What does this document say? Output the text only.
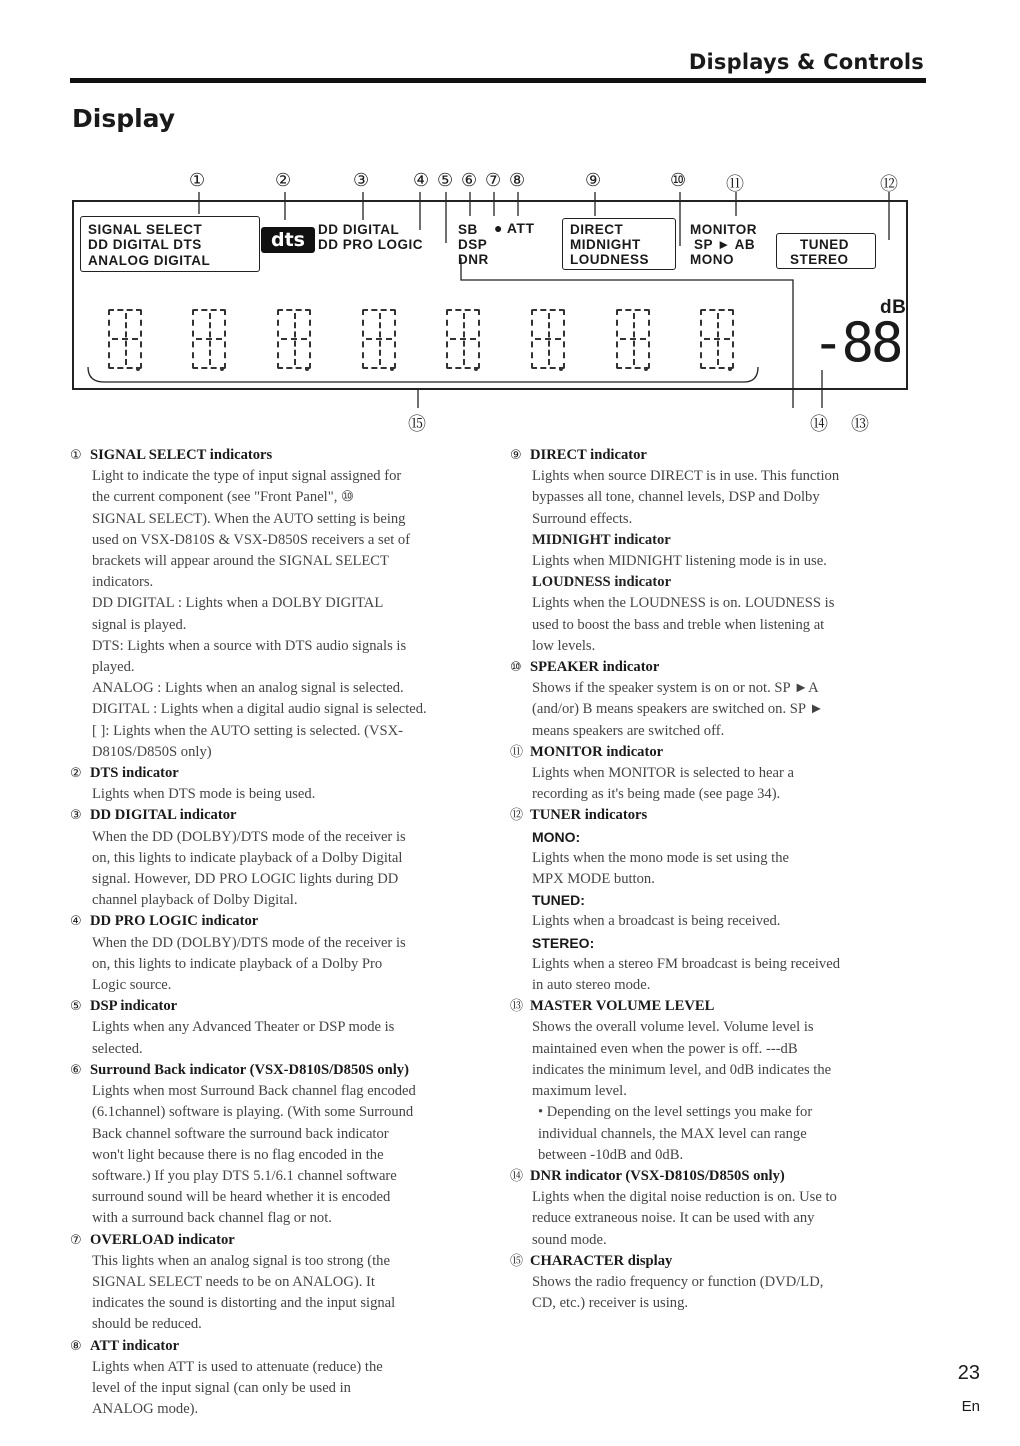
Displays & Controls
Display
①	②	③ ④ ⑤ ⑥ ⑦ ⑧	⑨	⑩ ⑪	⑫
⑬
⑭
⑮
SIGNAL SELECT
DD DIGITAL DTS
ANALOG DIGITAL
dts DD DIGITAL
DD PRO LOGIC
SB ● ATT
DSP
DNR
DIRECT
MIDNIGHT
LOUDNESS
MONITOR
SP ► AB	TUNED
MONO	STEREO
dB
-88

① SIGNAL SELECT indicators

Light to indicate the type of input signal assigned for

the current component (see "Front Panel", ⑩

SIGNAL SELECT). When the AUTO setting is being

used on VSX-D810S & VSX-D850S receivers a set of

brackets will appear around the SIGNAL SELECT

indicators.

DD DIGITAL : Lights when a DOLBY DIGITAL

signal is played.

DTS: Lights when a source with DTS audio signals is

played.

ANALOG : Lights when an analog signal is selected.

DIGITAL : Lights when a digital audio signal is selected.

[ ]: Lights when the AUTO setting is selected. (VSX-

D810S/D850S only)

② DTS indicator

Lights when DTS mode is being used.

③ DD DIGITAL indicator

When the DD (DOLBY)/DTS mode of the receiver is

on, this lights to indicate playback of a Dolby Digital

signal. However, DD PRO LOGIC lights during DD

channel playback of Dolby Digital.

④ DD PRO LOGIC indicator

When the DD (DOLBY)/DTS mode of the receiver is

on, this lights to indicate playback of a Dolby Pro

Logic source.

⑤ DSP indicator

Lights when any Advanced Theater or DSP mode is

selected.

⑥ Surround Back indicator (VSX-D810S/D850S only)

Lights when most Surround Back channel flag encoded

(6.1channel) software is playing. (With some Surround

Back channel software the surround back indicator

won't light because there is no flag encoded in the

software.) If you play DTS 5.1/6.1 channel software

surround sound will be heard whether it is encoded

with a surround back channel flag or not.

⑦ OVERLOAD indicator

This lights when an analog signal is too strong (the

SIGNAL SELECT needs to be on ANALOG). It

indicates the sound is distorting and the input signal

should be reduced.

⑧ ATT indicator

Lights when ATT is used to attenuate (reduce) the

level of the input signal (can only be used in

ANALOG mode).

⑨ DIRECT indicator

Lights when source DIRECT is in use. This function

bypasses all tone, channel levels, DSP and Dolby

Surround effects.

MIDNIGHT indicator

Lights when MIDNIGHT listening mode is in use.

LOUDNESS indicator

Lights when the LOUDNESS is on. LOUDNESS is

used to boost the bass and treble when listening at

low levels.

⑩ SPEAKER indicator

Shows if the speaker system is on or not. SP ►A

(and/or) B means speakers are switched on. SP ►

means speakers are switched off.

⑪ MONITOR indicator

Lights when MONITOR is selected to hear a

recording as it's being made (see page 34).

⑫ TUNER indicators

MONO:

Lights when the mono mode is set using the

MPX MODE button.

TUNED:

Lights when a broadcast is being received.

STEREO:

Lights when a stereo FM broadcast is being received

in auto stereo mode.

⑬ MASTER VOLUME LEVEL

Shows the overall volume level. Volume level is

maintained even when the power is off. ---dB

indicates the minimum level, and 0dB indicates the

maximum level.

• Depending on the level settings you make for

individual channels, the MAX level can range

between -10dB and 0dB.

⑭ DNR indicator (VSX-D810S/D850S only)

Lights when the digital noise reduction is on. Use to

reduce extraneous noise. It can be used with any

sound mode.

⑮ CHARACTER display

Shows the radio frequency or function (DVD/LD,

CD, etc.) receiver is using.

23
En
